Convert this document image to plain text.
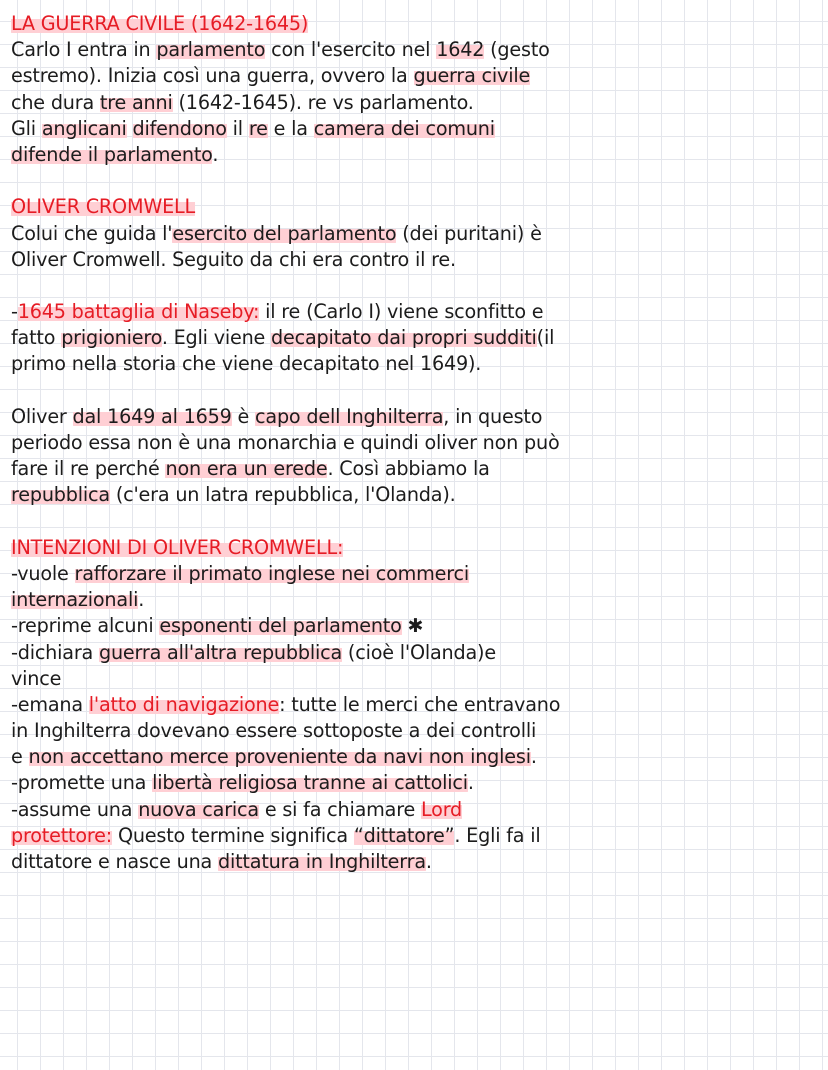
LA GUERRA CIVILE (1642-1645)
Carlo I entra in parlamento con l'esercito nel 1642 (gesto
estremo). Inizia così una guerra, ovvero la guerra civile
che dura tre anni (1642-1645). re vs parlamento.
Gli anglicani difendono il re e la camera dei comuni
difende il parlamento.
OLIVER CROMWELL
Colui che guida l'esercito del parlamento (dei puritani) è
Oliver Cromwell. Seguito da chi era contro il re.
-1645 battaglia di Naseby: il re (Carlo I) viene sconfitto e
fatto prigioniero. Egli viene decapitato dai propri sudditi(il
primo nella storia che viene decapitato nel 1649).
Oliver dal 1649 al 1659 è capo dell Inghilterra, in questo
periodo essa non è una monarchia e quindi oliver non può
fare il re perché non era un erede. Così abbiamo la
repubblica (c'era un latra repubblica, l'Olanda).
INTENZIONI DI OLIVER CROMWELL:
-vuole rafforzare il primato inglese nei commerci
internazionali.
-reprime alcuni esponenti del parlamento ✱
-dichiara guerra all'altra repubblica (cioè l'Olanda)e
vince
-emana l'atto di navigazione: tutte le merci che entravano
in Inghilterra dovevano essere sottoposte a dei controlli
e non accettano merce proveniente da navi non inglesi.
-promette una libertà religiosa tranne ai cattolici.
-assume una nuova carica e si fa chiamare Lord
protettore: Questo termine significa “dittatore”. Egli fa il
dittatore e nasce una dittatura in Inghilterra.
